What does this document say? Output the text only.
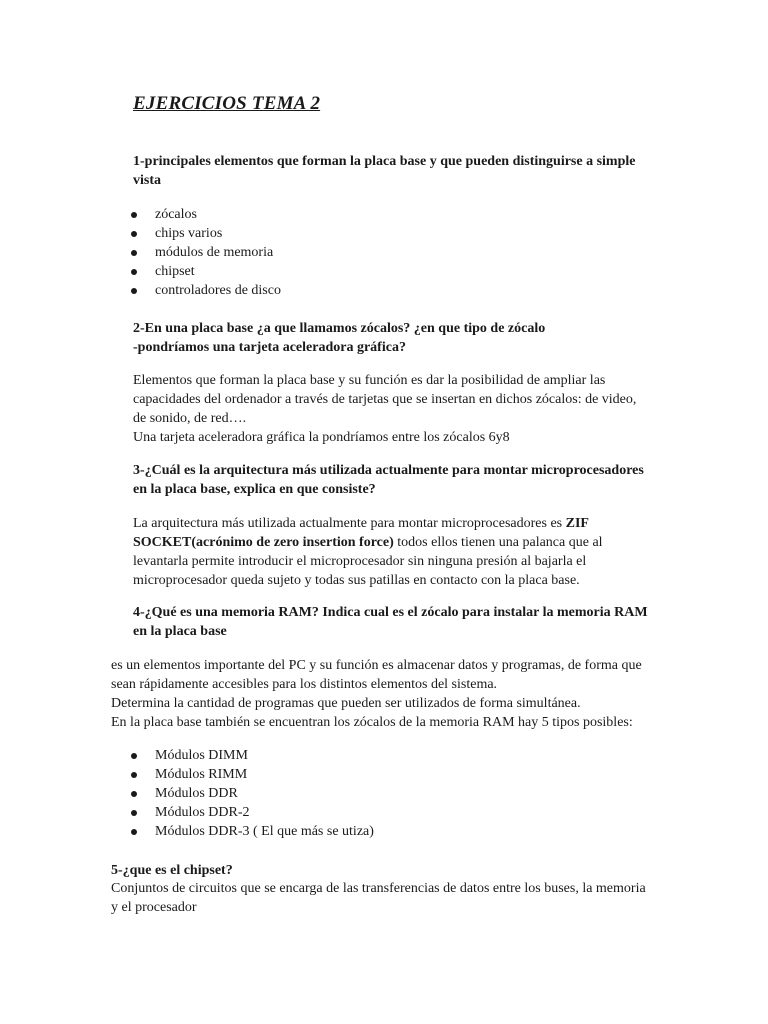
EJERCICIOS TEMA 2

1-principales elementos que forman la placa base y que pueden distinguirse a simple vista

zócalos
chips varios
módulos de memoria
chipset
controladores de disco
2-En una placa base ¿a que llamamos zócalos? ¿en que tipo de zócalo
-pondríamos una tarjeta aceleradora gráfica?

Elementos que forman la placa base y su función es dar la posibilidad de ampliar las capacidades del ordenador a través de tarjetas que se insertan en dichos zócalos: de video, de sonido, de red….

Una tarjeta aceleradora gráfica la pondríamos entre los zócalos 6y8

3-¿Cuál es la arquitectura más utilizada actualmente para montar microprocesadores en la placa base, explica en que consiste?

La arquitectura más utilizada actualmente para montar microprocesadores es ZIF SOCKET(acrónimo de zero insertion force) todos ellos tienen una palanca que al levantarla permite introducir el microprocesador sin ninguna presión al bajarla el microprocesador queda sujeto y todas sus patillas en contacto con la placa base.

4-¿Qué es una memoria RAM? Indica cual es el zócalo para instalar la memoria RAM en la placa base

es un elementos importante del PC y su función es almacenar datos y programas, de forma que sean rápidamente accesibles para los distintos elementos del sistema.
Determina la cantidad de programas que pueden ser utilizados de forma simultánea.
En la placa base también se encuentran los zócalos de la memoria RAM hay 5 tipos posibles:
Módulos DIMM
Módulos RIMM
Módulos DDR
Módulos DDR-2
Módulos DDR-3 ( El que más se utiza)

5-¿que es el chipset?

Conjuntos de circuitos que se encarga de las transferencias de datos entre los buses, la memoria y el procesador
